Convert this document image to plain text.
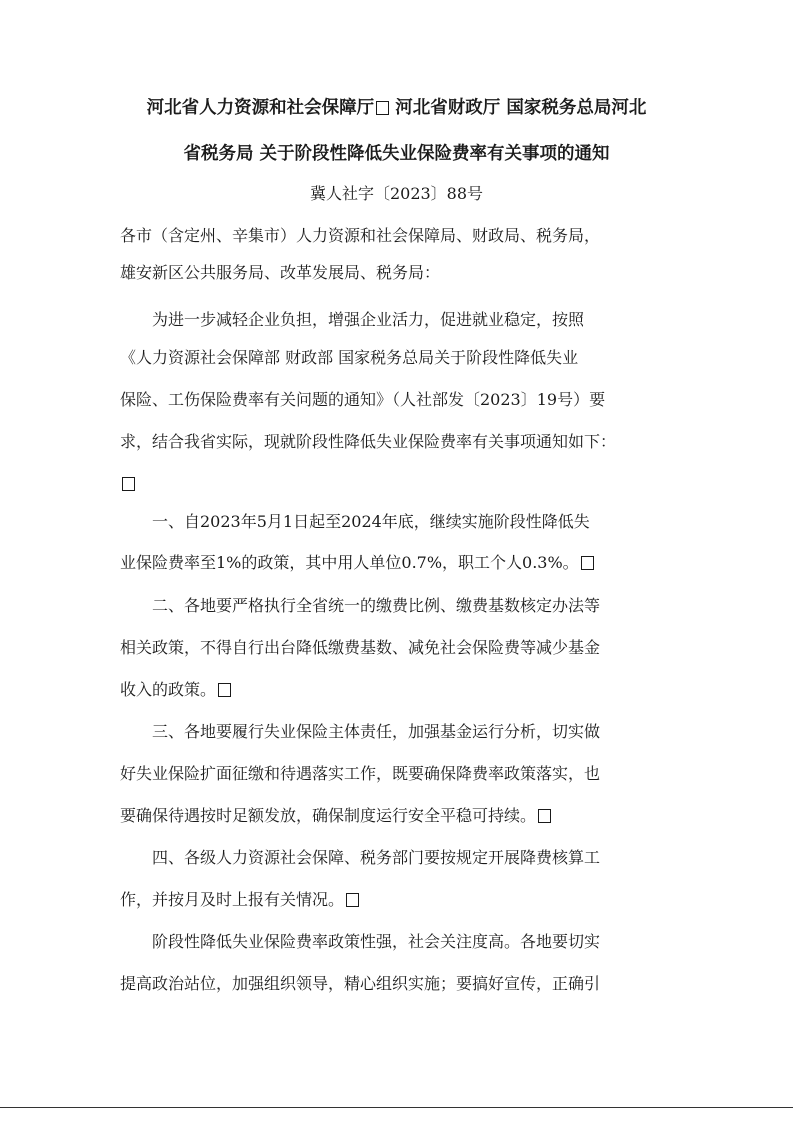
河北省人力资源和社会保障厅 河北省财政厅 国家税务总局河北
省税务局 关于阶段性降低失业保险费率有关事项的通知
冀人社字〔2023〕88号
各市（含定州、辛集市）人力资源和社会保障局、财政局、税务局，
雄安新区公共服务局、改革发展局、税务局：
　　为进一步减轻企业负担，增强企业活力，促进就业稳定，按照
《人力资源社会保障部 财政部 国家税务总局关于阶段性降低失业
保险、工伤保险费率有关问题的通知》（人社部发〔2023〕19号）要
求，结合我省实际，现就阶段性降低失业保险费率有关事项通知如下：
　　一、自2023年5月1日起至2024年底，继续实施阶段性降低失
业保险费率至1%的政策，其中用人单位0.7%，职工个人0.3%。
　　二、各地要严格执行全省统一的缴费比例、缴费基数核定办法等
相关政策，不得自行出台降低缴费基数、减免社会保险费等减少基金
收入的政策。
　　三、各地要履行失业保险主体责任，加强基金运行分析，切实做
好失业保险扩面征缴和待遇落实工作，既要确保降费率政策落实，也
要确保待遇按时足额发放，确保制度运行安全平稳可持续。
　　四、各级人力资源社会保障、税务部门要按规定开展降费核算工
作，并按月及时上报有关情况。
　　阶段性降低失业保险费率政策性强，社会关注度高。各地要切实
提高政治站位，加强组织领导，精心组织实施；要搞好宣传，正确引
